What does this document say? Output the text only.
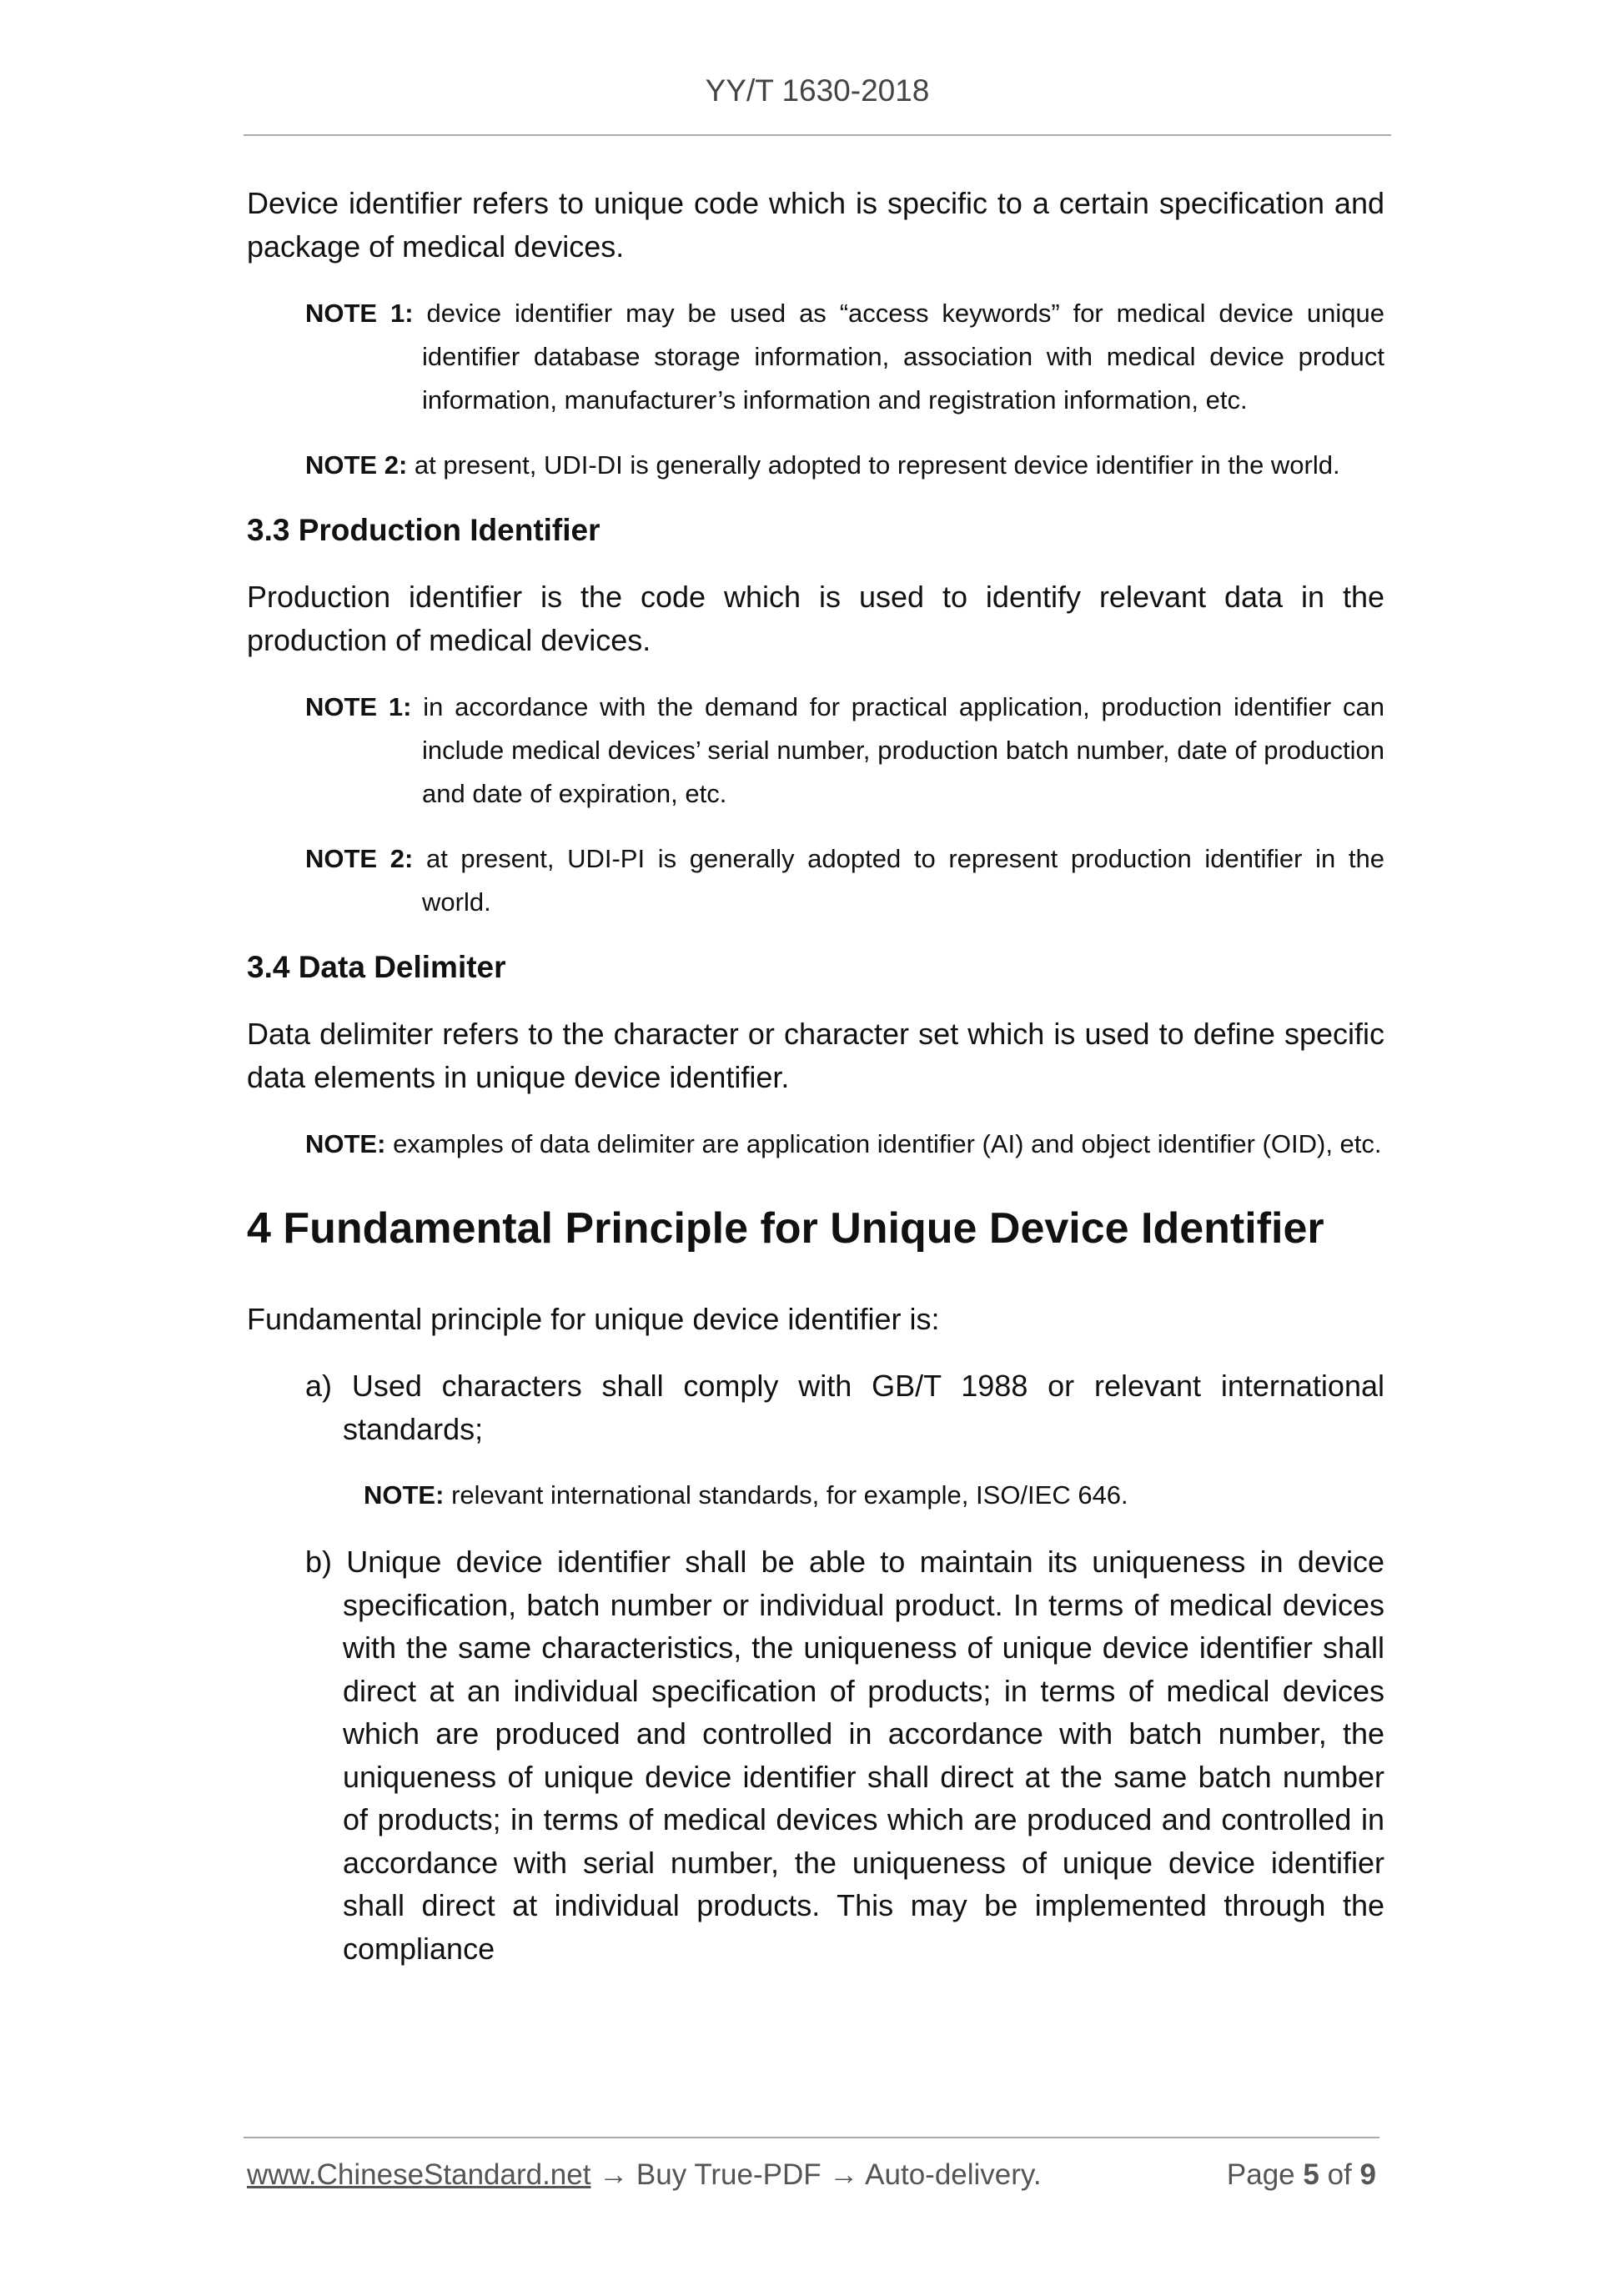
YY/T 1630-2018

Device identifier refers to unique code which is specific to a certain specification and package of medical devices.

NOTE 1: device identifier may be used as “access keywords” for medical device unique identifier database storage information, association with medical device product information, manufacturer’s information and registration information, etc.

NOTE 2: at present, UDI-DI is generally adopted to represent device identifier in the world.

3.3 Production Identifier

Production identifier is the code which is used to identify relevant data in the production of medical devices.

NOTE 1: in accordance with the demand for practical application, production identifier can include medical devices’ serial number, production batch number, date of production and date of expiration, etc.

NOTE 2: at present, UDI-PI is generally adopted to represent production identifier in the world.

3.4 Data Delimiter

Data delimiter refers to the character or character set which is used to define specific data elements in unique device identifier.

NOTE: examples of data delimiter are application identifier (AI) and object identifier (OID), etc.

4 Fundamental Principle for Unique Device Identifier

Fundamental principle for unique device identifier is:

a) Used characters shall comply with GB/T 1988 or relevant international standards;

NOTE: relevant international standards, for example, ISO/IEC 646.

b) Unique device identifier shall be able to maintain its uniqueness in device specification, batch number or individual product. In terms of medical devices with the same characteristics, the uniqueness of unique device identifier shall direct at an individual specification of products; in terms of medical devices which are produced and controlled in accordance with batch number, the uniqueness of unique device identifier shall direct at the same batch number of products; in terms of medical devices which are produced and controlled in accordance with serial number, the uniqueness of unique device identifier shall direct at individual products. This may be implemented through the compliance

www.ChineseStandard.net → Buy True-PDF → Auto-delivery.	Page 5 of 9
